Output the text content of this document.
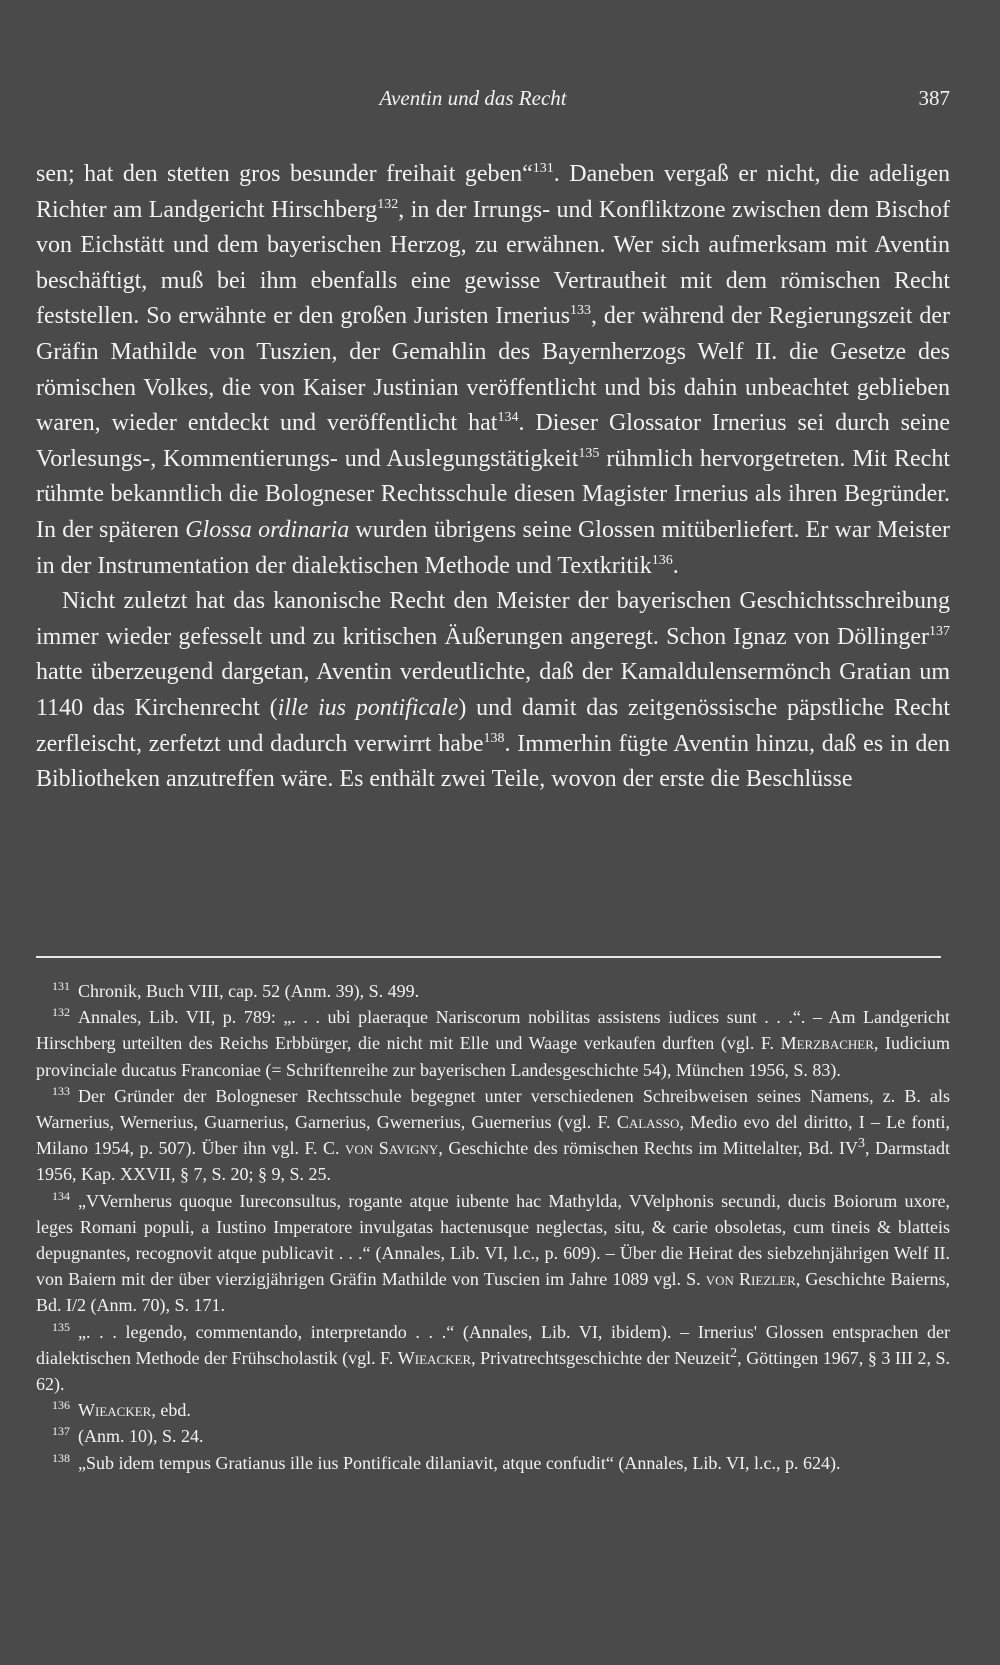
Aventin und das Recht	387

sen; hat den stetten gros besunder freihait geben“$^{131}$. Daneben vergaß er nicht, die adeligen Richter am Landgericht Hirschberg$^{132}$, in der Irrungs- und Konfliktzone zwischen dem Bischof von Eichstätt und dem bayerischen Herzog, zu erwähnen. Wer sich aufmerksam mit Aventin beschäftigt, muß bei ihm ebenfalls eine gewisse Vertrautheit mit dem römischen Recht feststellen. So erwähnte er den großen Juristen Irnerius$^{133}$, der während der Regierungszeit der Gräfin Mathilde von Tuszien, der Gemahlin des Bayernherzogs Welf II. die Gesetze des römischen Volkes, die von Kaiser Justinian veröffentlicht und bis dahin unbeachtet geblieben waren, wieder entdeckt und veröffentlicht hat$^{134}$. Dieser Glossator Irnerius sei durch seine Vorlesungs-, Kommentierungs- und Auslegungstätigkeit$^{135}$ rühmlich hervorgetreten. Mit Recht rühmte bekanntlich die Bologneser Rechtsschule diesen Magister Irnerius als ihren Begründer. In der späteren Glossa ordinaria wurden übrigens seine Glossen mitüberliefert. Er war Meister in der Instrumentation der dialektischen Methode und Textkritik$^{136}$.

Nicht zuletzt hat das kanonische Recht den Meister der bayerischen Geschichtsschreibung immer wieder gefesselt und zu kritischen Äußerungen angeregt. Schon Ignaz von Döllinger$^{137}$ hatte überzeugend dargetan, Aventin verdeutlichte, daß der Kamaldulensermönch Gratian um 1140 das Kirchenrecht (ille ius pontificale) und damit das zeitgenössische päpstliche Recht zerfleischt, zerfetzt und dadurch verwirrt habe$^{138}$. Immerhin fügte Aventin hinzu, daß es in den Bibliotheken anzutreffen wäre. Es enthält zwei Teile, wovon der erste die Beschlüsse

$^{131}$ Chronik, Buch VIII, cap. 52 (Anm. 39), S. 499.

$^{132}$ Annales, Lib. VII, p. 789: „. . . ubi plaeraque Nariscorum nobilitas assistens iudices sunt . . .“. – Am Landgericht Hirschberg urteilten des Reichs Erbbürger, die nicht mit Elle und Waage verkaufen durften (vgl. F. Merzbacher, Iudicium provinciale ducatus Franconiae (= Schriftenreihe zur bayerischen Landesgeschichte 54), München 1956, S. 83).

$^{133}$ Der Gründer der Bologneser Rechtsschule begegnet unter verschiedenen Schreibweisen seines Namens, z. B. als Warnerius, Wernerius, Guarnerius, Garnerius, Gwernerius, Guernerius (vgl. F. Calasso, Medio evo del diritto, I – Le fonti, Milano 1954, p. 507). Über ihn vgl. F. C. von Savigny, Geschichte des römischen Rechts im Mittelalter, Bd. $IV^3$, Darmstadt 1956, Kap. XXVII, § 7, S. 20; § 9, S. 25.

$^{134}$ „VVernherus quoque Iureconsultus, rogante atque iubente hac Mathylda, VVelphonis secundi, ducis Boiorum uxore, leges Romani populi, a Iustino Imperatore invulgatas hactenusque neglectas, situ, & carie obsoletas, cum tineis & blatteis depugnantes, recognovit atque publicavit . . .“ (Annales, Lib. VI, l.c., p. 609). – Über die Heirat des siebzehnjährigen Welf II. von Baiern mit der über vierzigjährigen Gräfin Mathilde von Tuscien im Jahre 1089 vgl. S. von Riezler, Geschichte Baierns, Bd. I/2 (Anm. 70), S. 171.

$^{135}$ „. . . legendo, commentando, interpretando . . .“ (Annales, Lib. VI, ibidem). – Irnerius' Glossen entsprachen der dialektischen Methode der Frühscholastik (vgl. F. Wieacker, Privatrechtsgeschichte der Neuzeit$^2$, Göttingen 1967, § 3 III 2, S. 62).

$^{136}$ Wieacker, ebd.

$^{137}$ (Anm. 10), S. 24.

$^{138}$ „Sub idem tempus Gratianus ille ius Pontificale dilaniavit, atque confudit“ (Annales, Lib. VI, l.c., p. 624).
